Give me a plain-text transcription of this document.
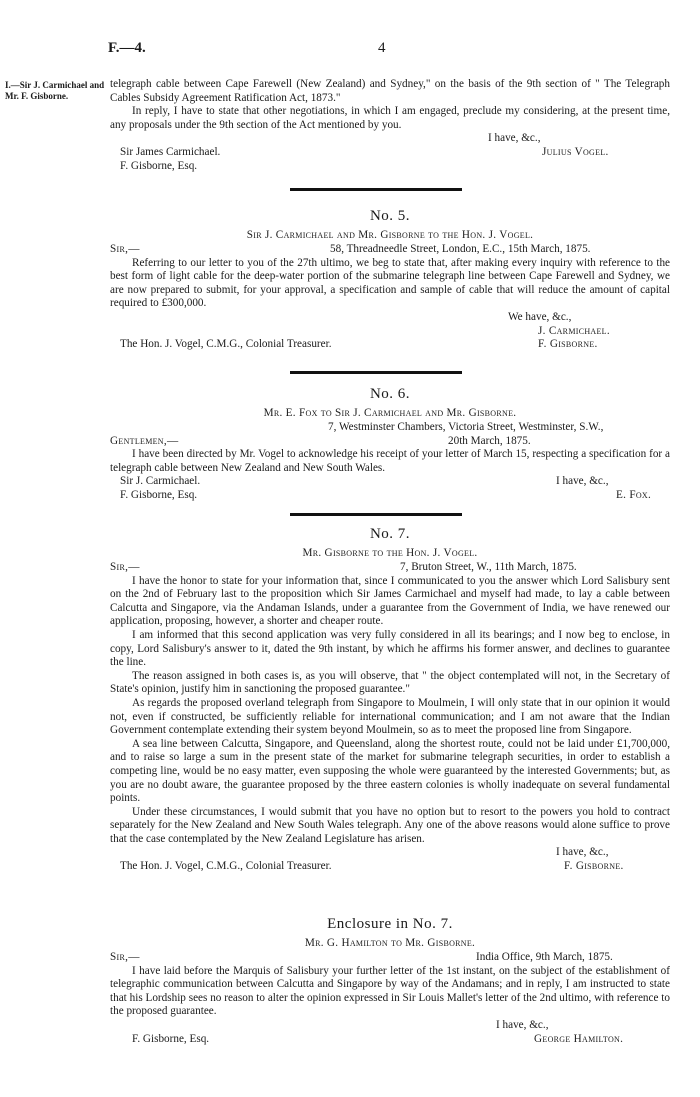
F.—4.	4
I.—Sir J. Carmichael and Mr. F. Gisborne.

telegraph cable between Cape Farewell (New Zealand) and Sydney," on the basis of the 9th section of " The Telegraph Cables Subsidy Agreement Ratification Act, 1873."

In reply, I have to state that other negotiations, in which I am engaged, preclude my considering, at the present time, any proposals under the 9th section of the Act mentioned by you.

I have, &c.,
Sir James Carmichael.	Julius Vogel.
F. Gisborne, Esq.
No. 5.
Sir J. Carmichael and Mr. Gisborne to the Hon. J. Vogel.
Sir,—	58, Threadneedle Street, London, E.C., 15th March, 1875.

Referring to our letter to you of the 27th ultimo, we beg to state that, after making every inquiry with reference to the best form of light cable for the deep-water portion of the submarine telegraph line between Cape Farewell and Sydney, we are now prepared to submit, for your approval, a specification and sample of cable that will reduce the amount of capital required to £300,000.

We have, &c.,
J. Carmichael.
The Hon. J. Vogel, C.M.G., Colonial Treasurer.	F. Gisborne.
No. 6.
Mr. E. Fox to Sir J. Carmichael and Mr. Gisborne.
7, Westminster Chambers, Victoria Street, Westminster, S.W.,
Gentlemen,—	20th March, 1875.

I have been directed by Mr. Vogel to acknowledge his receipt of your letter of March 15, respecting a specification for a telegraph cable between New Zealand and New South Wales.

Sir J. Carmichael.	I have, &c.,
F. Gisborne, Esq.	E. Fox.
No. 7.
Mr. Gisborne to the Hon. J. Vogel.
Sir,—	7, Bruton Street, W., 11th March, 1875.

I have the honor to state for your information that, since I communicated to you the answer which Lord Salisbury sent on the 2nd of February last to the proposition which Sir James Carmichael and myself had made, to lay a cable between Calcutta and Singapore, via the Andaman Islands, under a guarantee from the Government of India, we have renewed our application, proposing, however, a shorter and cheaper route.

I am informed that this second application was very fully considered in all its bearings; and I now beg to enclose, in copy, Lord Salisbury's answer to it, dated the 9th instant, by which he affirms his former answer, and declines to guarantee the line.

The reason assigned in both cases is, as you will observe, that " the object contemplated will not, in the Secretary of State's opinion, justify him in sanctioning the proposed guarantee."

As regards the proposed overland telegraph from Singapore to Moulmein, I will only state that in our opinion it would not, even if constructed, be sufficiently reliable for international communication; and I am not aware that the Indian Government contemplate extending their system beyond Moulmein, so as to meet the proposed line from Singapore.

A sea line between Calcutta, Singapore, and Queensland, along the shortest route, could not be laid under £1,700,000, and to raise so large a sum in the present state of the market for submarine telegraph securities, in order to establish a competing line, would be no easy matter, even supposing the whole were guaranteed by the interested Governments; but, as you are no doubt aware, the guarantee proposed by the three eastern colonies is wholly inadequate on several fundamental points.

Under these circumstances, I would submit that you have no option but to resort to the powers you hold to contract separately for the New Zealand and New South Wales telegraph. Any one of the above reasons would alone suffice to prove that the case contemplated by the New Zealand Legislature has arisen.

I have, &c.,
The Hon. J. Vogel, C.M.G., Colonial Treasurer.	F. Gisborne.
Enclosure in No. 7.
Mr. G. Hamilton to Mr. Gisborne.
Sir,—	India Office, 9th March, 1875.

I have laid before the Marquis of Salisbury your further letter of the 1st instant, on the subject of the establishment of telegraphic communication between Calcutta and Singapore by way of the Andamans; and in reply, I am instructed to state that his Lordship sees no reason to alter the opinion expressed in Sir Louis Mallet's letter of the 2nd ultimo, with reference to the proposed guarantee.

I have, &c.,
F. Gisborne, Esq.	George Hamilton.
